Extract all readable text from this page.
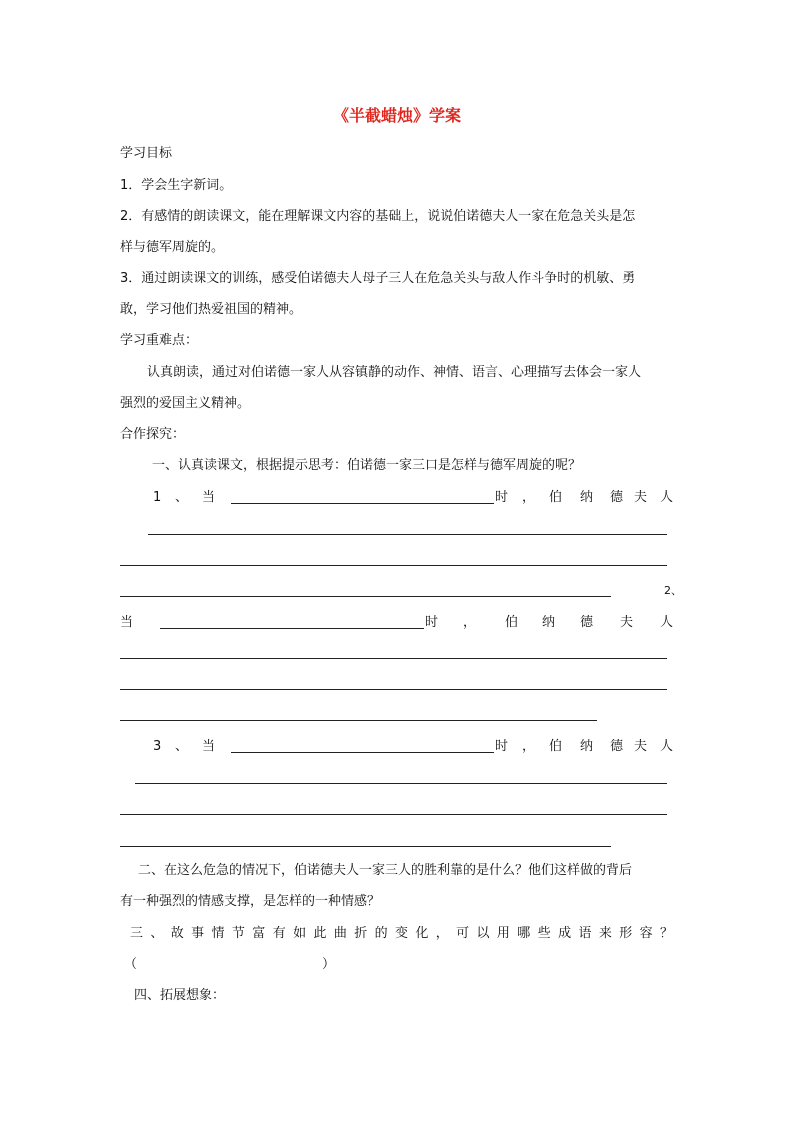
《半截蜡烛》学案
学习目标
1．学会生字新词。
2．有感情的朗读课文，能在理解课文内容的基础上，说说伯诺德夫人一家在危急关头是怎
样与德军周旋的。
3．通过朗读课文的训练，感受伯诺德夫人母子三人在危急关头与敌人作斗争时的机敏、勇
敢，学习他们热爱祖国的精神。
学习重难点：
认真朗读，通过对伯诺德一家人从容镇静的动作、神情、语言、心理描写去体会一家人
强烈的爱国主义精神。
合作探究：
一、认真读课文，根据提示思考：伯诺德一家三口是怎样与德军周旋的呢？
1 、 当	时 ， 伯 纳 德 夫 人
2、
当	时 ， 伯 纳 德 夫 人
3 、 当	时 ， 伯 纳 德 夫 人
二、在这么危急的情况下，伯诺德夫人一家三人的胜利靠的是什么？他们这样做的背后
有一种强烈的情感支撑，是怎样的一种情感？
三 、 故 事 情 节 富 有 如 此 曲 折 的 变 化 ， 可 以 用 哪 些 成 语 来 形 容 ？
（	）
四、拓展想象：
